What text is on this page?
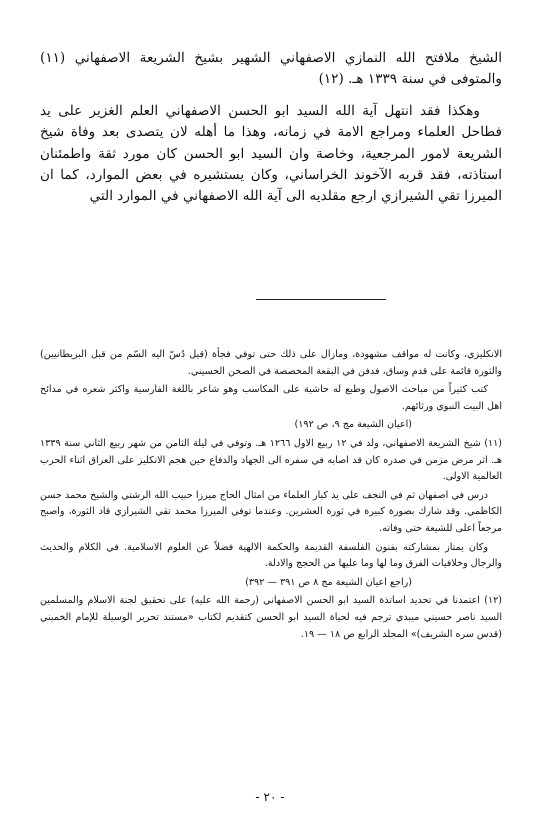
الشيخ ملافتح الله النمازي الاصفهاني الشهير بشيخ الشريعة الاصفهاني (١١) والمتوفى في سنة ١٣٣٩ هـ. (١٢)

وهكذا فقد انتهل آية الله السيد ابو الحسن الاصفهاني العلم الغزير على يد فطاحل العلماء ومراجع الامة في زمانه، وهذا ما أهله لان يتصدى بعد وفاة شيخ الشريعة لامور المرجعية، وخاصة وان السيد ابو الحسن كان مورد ثقة واطمئنان استاذته، فقد قربه الآخوند الخراساني، وكان يستشيره في بعض الموارد، كما ان الميرزا تقي الشيرازي ارجع مقلديه الى آية الله الاصفهاني في الموارد التي

الانكليزي، وكانت له مواقف مشهودة، ومازال على ذلك حتى توفي فجأة (قيل دُسّ اليه السّم من قبل البريطانيين) والثورة قائمة على قدم وساق، فدفن في البقعة المخصصة في الصحن الحسيني.

كتب كثيراً من مباحث الاصول وطبع له حاشية على المكاسب وهو شاعر باللغة الفارسية واكثر شعره في مدائح اهل البيت النبوي ورثائهم.

(اعيان الشيعة مج ٩، ص ١٩٢)

(١١) شيخ الشريعة الاصفهاني، ولد في ١٢ ربيع الاول ١٢٦٦ هـ. وتوفي في ليلة الثامن من شهر ربيع الثاني سنة ١٣٣٩ هـ. اثر مرض مزمن في صدره كان قد اصابه في سفره الى الجهاد والدفاع حين هجم الانكليز على العراق اثناء الحرب العالمية الاولى.

درس في اصفهان ثم في النجف على يد كبار العلماء من امثال الحاج ميرزا حبيب الله الرشتي والشيخ محمد حسن الكاظمي. وقد شارك بصورة كبيرة في ثورة العشرين. وعندما توفي الميرزا محمد تقي الشيرازي قاد الثورة، واصبح مرجعاً اعلى للشيعة حتى وفاته.

وكان يمتاز بمشاركته بفنون الفلسفة القديمة والحكمة الالهية فضلاً عن العلوم الاسلامية. في الكلام والحديث والرجال وخلافيات الفرق وما لها وما عليها من الحجج والادلة.

(راجع اعيان الشيعة مج ٨ ص ٣٩١ — ٣٩٢)

(١٢) اعتمدنا في تحديد اساتذة السيد ابو الحسن الاصفهاني (رحمة الله عليه) على تحقيق لجنة الاسلام والمسلمين السيد ناصر حسيني ميبدي ترجم فيه لحياة السيد ابو الحسن كتقديم لكتاب «مستند تحرير الوسيلة للإمام الخميني (قدس سره الشريف)» المجلد الرابع ص ١٨ — ١٩.

- ٢٠ -
